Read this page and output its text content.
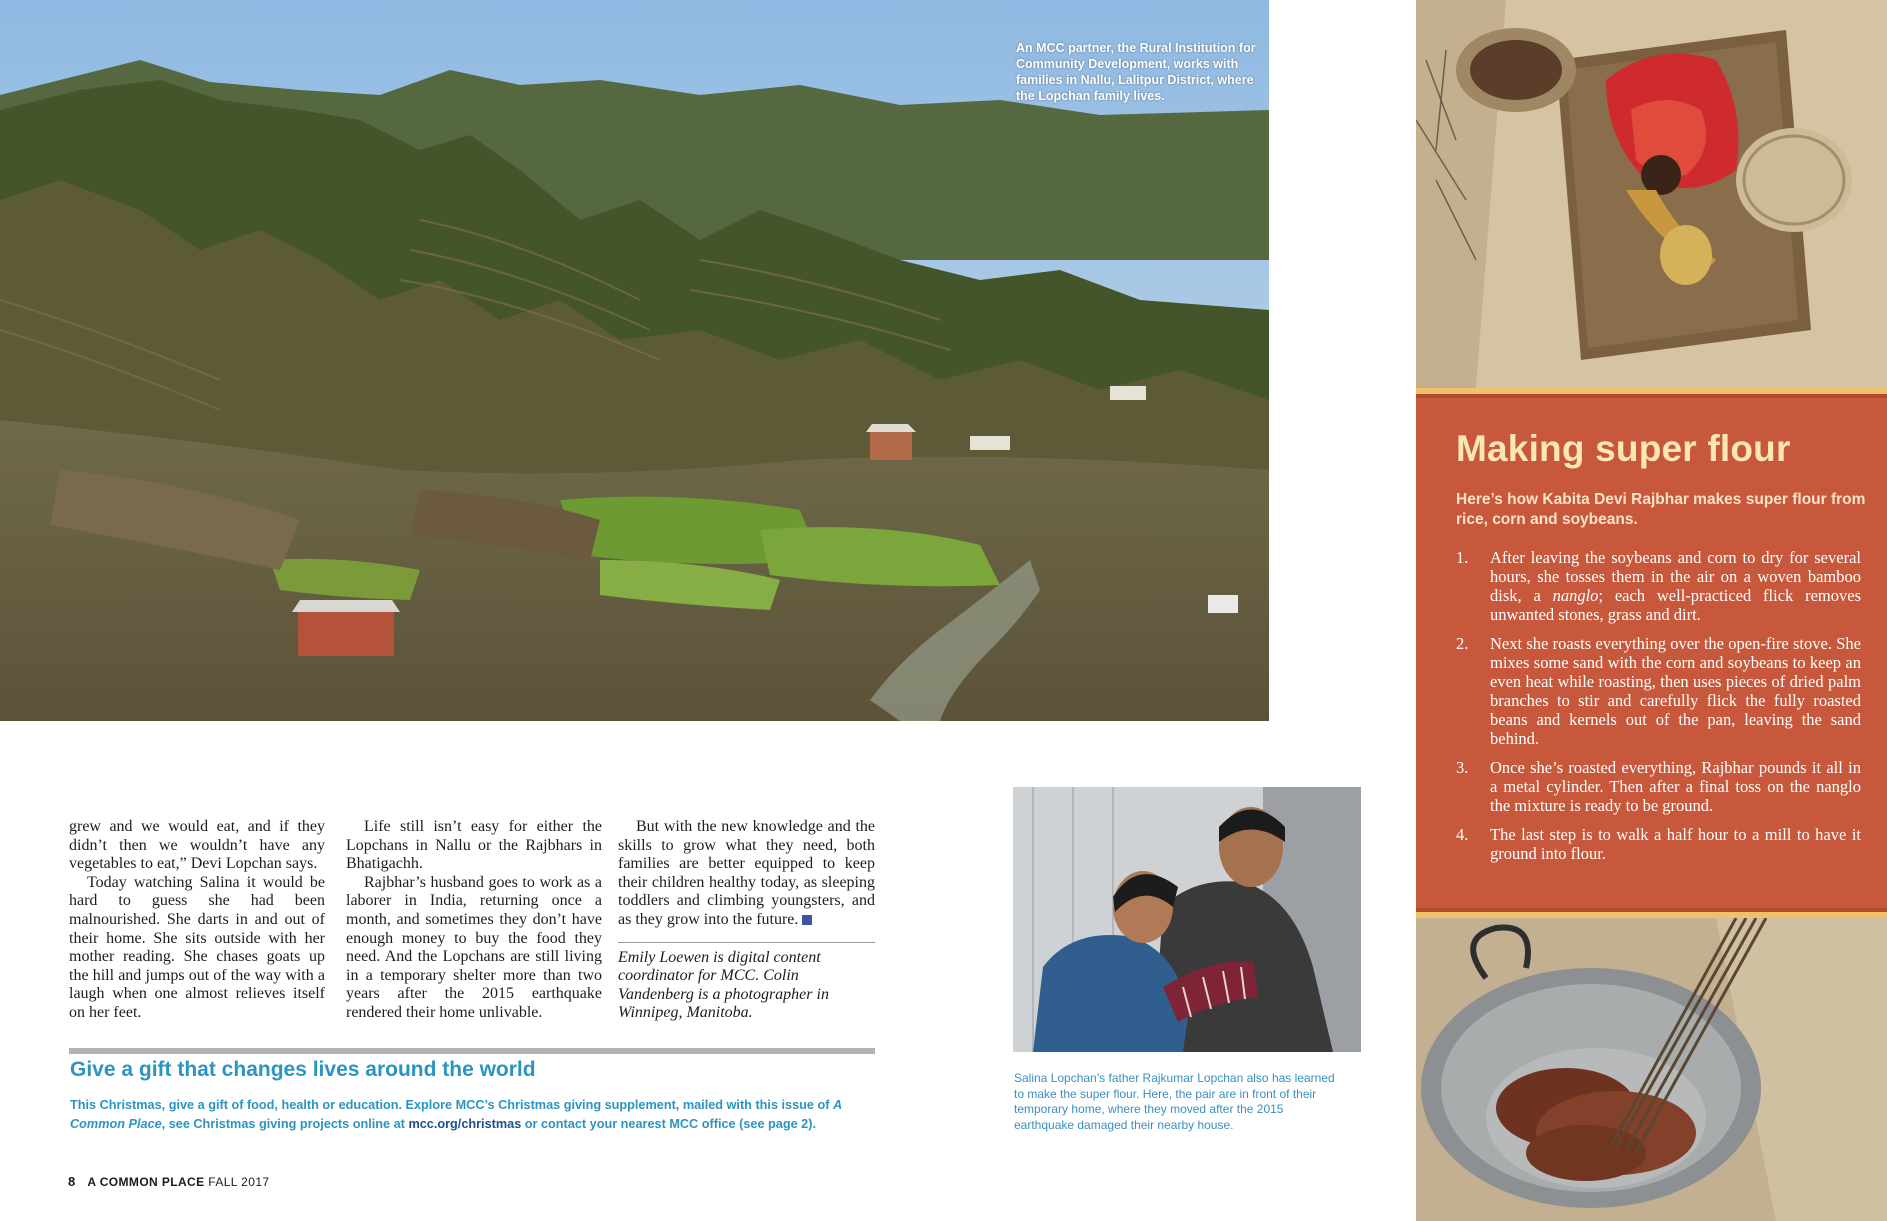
An MCC partner, the Rural Institution for Community Development, works with families in Nallu, Lalitpur District, where the Lopchan family lives.
Making super flour

Here’s how Kabita Devi Rajbhar makes super flour from rice, corn and soybeans.

1. After leaving the soybeans and corn to dry for several hours, she tosses them in the air on a woven bamboo disk, a nanglo; each well-practiced flick removes unwanted stones, grass and dirt.
2. Next she roasts everything over the open-fire stove. She mixes some sand with the corn and soybeans to keep an even heat while roasting, then uses pieces of dried palm branches to stir and carefully flick the fully roasted beans and kernels out of the pan, leaving the sand behind.
3. Once she’s roasted everything, Rajbhar pounds it all in a metal cylinder. Then after a final toss on the nanglo the mixture is ready to be ground.
4. The last step is to walk a half hour to a mill to have it ground into flour.

grew and we would eat, and if they didn’t then we wouldn’t have any vegetables to eat,” Devi Lopchan says.

Today watching Salina it would be hard to guess she had been malnourished. She darts in and out of their home. She sits outside with her mother reading. She chases goats up the hill and jumps out of the way with a laugh when one almost relieves itself on her feet.

Life still isn’t easy for either the Lopchans in Nallu or the Rajbhars in Bhatigachh.

Rajbhar’s husband goes to work as a laborer in India, returning once a month, and sometimes they don’t have enough money to buy the food they need. And the Lopchans are still living in a temporary shelter more than two years after the 2015 earthquake rendered their home unlivable.

But with the new knowledge and the skills to grow what they need, both families are better equipped to keep their children healthy today, as sleeping toddlers and climbing youngsters, and as they grow into the future.

Emily Loewen is digital content coordinator for MCC. Colin Vandenberg is a photographer in Winnipeg, Manitoba.

Salina Lopchan’s father Rajkumar Lopchan also has learned to make the super flour. Here, the pair are in front of their temporary home, where they moved after the 2015 earthquake damaged their nearby house.

Give a gift that changes lives around the world

This Christmas, give a gift of food, health or education. Explore MCC’s Christmas giving supplement, mailed with this issue of A Common Place, see Christmas giving projects online at mcc.org/christmas or contact your nearest MCC office (see page 2).

8 A COMMON PLACE FALL 2017
